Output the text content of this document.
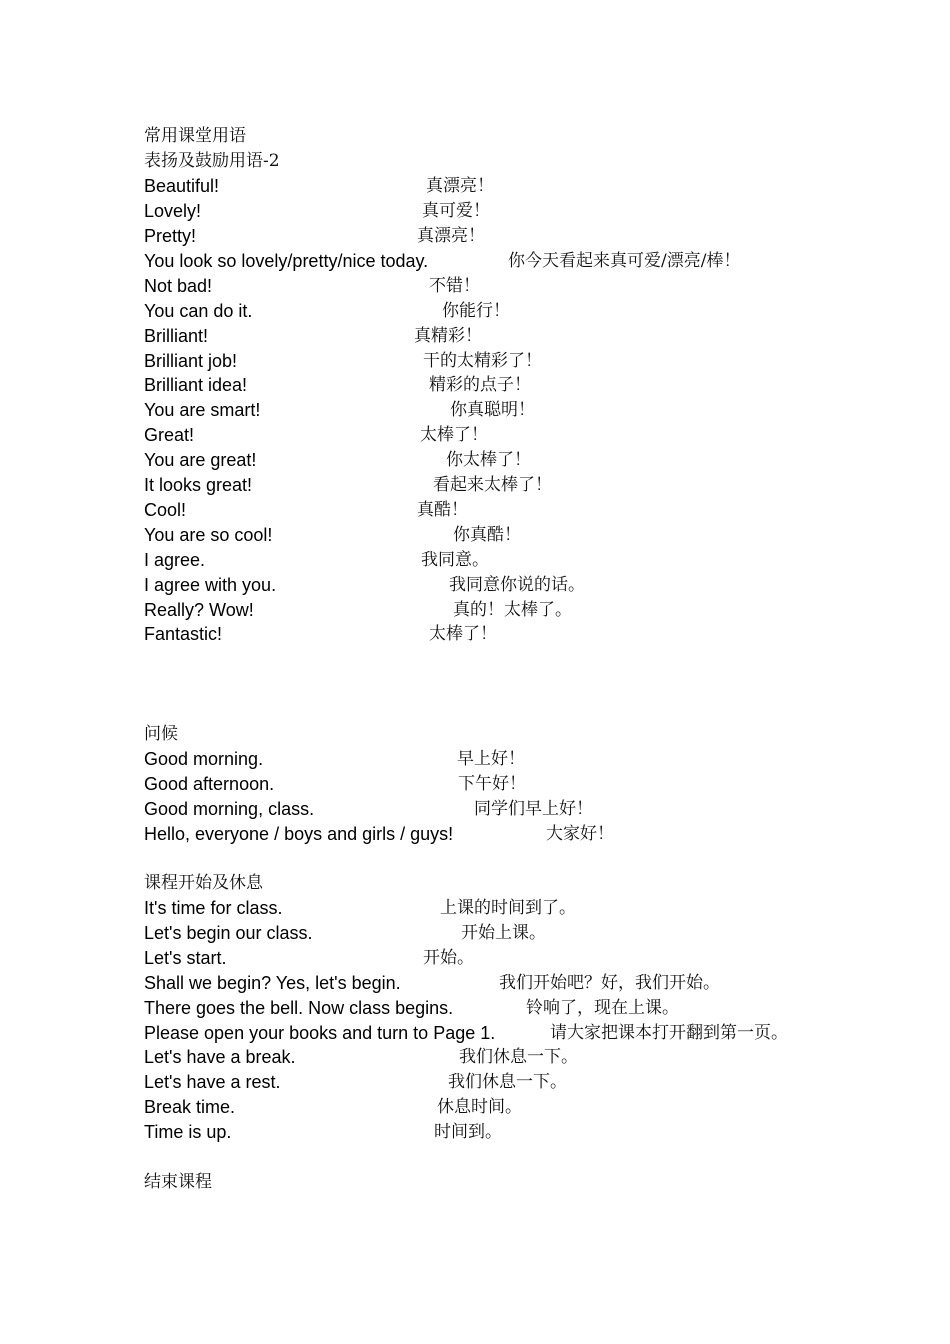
常用课堂用语
表扬及鼓励用语-2
Beautiful!	真漂亮！
Lovely!	真可爱！
Pretty!	真漂亮！
You look so lovely/pretty/nice today.	你今天看起来真可爱/漂亮/棒！
Not bad!	不错！
You can do it.	你能行！
Brilliant!	真精彩！
Brilliant job!	干的太精彩了！
Brilliant idea!	精彩的点子！
You are smart!	你真聪明！
Great!	太棒了！
You are great!	你太棒了！
It looks great!	看起来太棒了！
Cool!	真酷！
You are so cool!	你真酷！
I agree.	我同意。
I agree with you.	我同意你说的话。
Really? Wow!	真的！太棒了。
Fantastic!	太棒了！
问候
Good morning.	早上好！
Good afternoon.	下午好！
Good morning, class.	同学们早上好！
Hello, everyone / boys and girls / guys!	大家好！
课程开始及休息
It's time for class.	上课的时间到了。
Let's begin our class.	开始上课。
Let's start.	开始。
Shall we begin? Yes, let's begin.	我们开始吧？好，我们开始。
There goes the bell. Now class begins.	铃响了，现在上课。
Please open your books and turn to Page 1.	请大家把课本打开翻到第一页。
Let's have a break.	我们休息一下。
Let's have a rest.	我们休息一下。
Break time.	休息时间。
Time is up.	时间到。
结束课程
